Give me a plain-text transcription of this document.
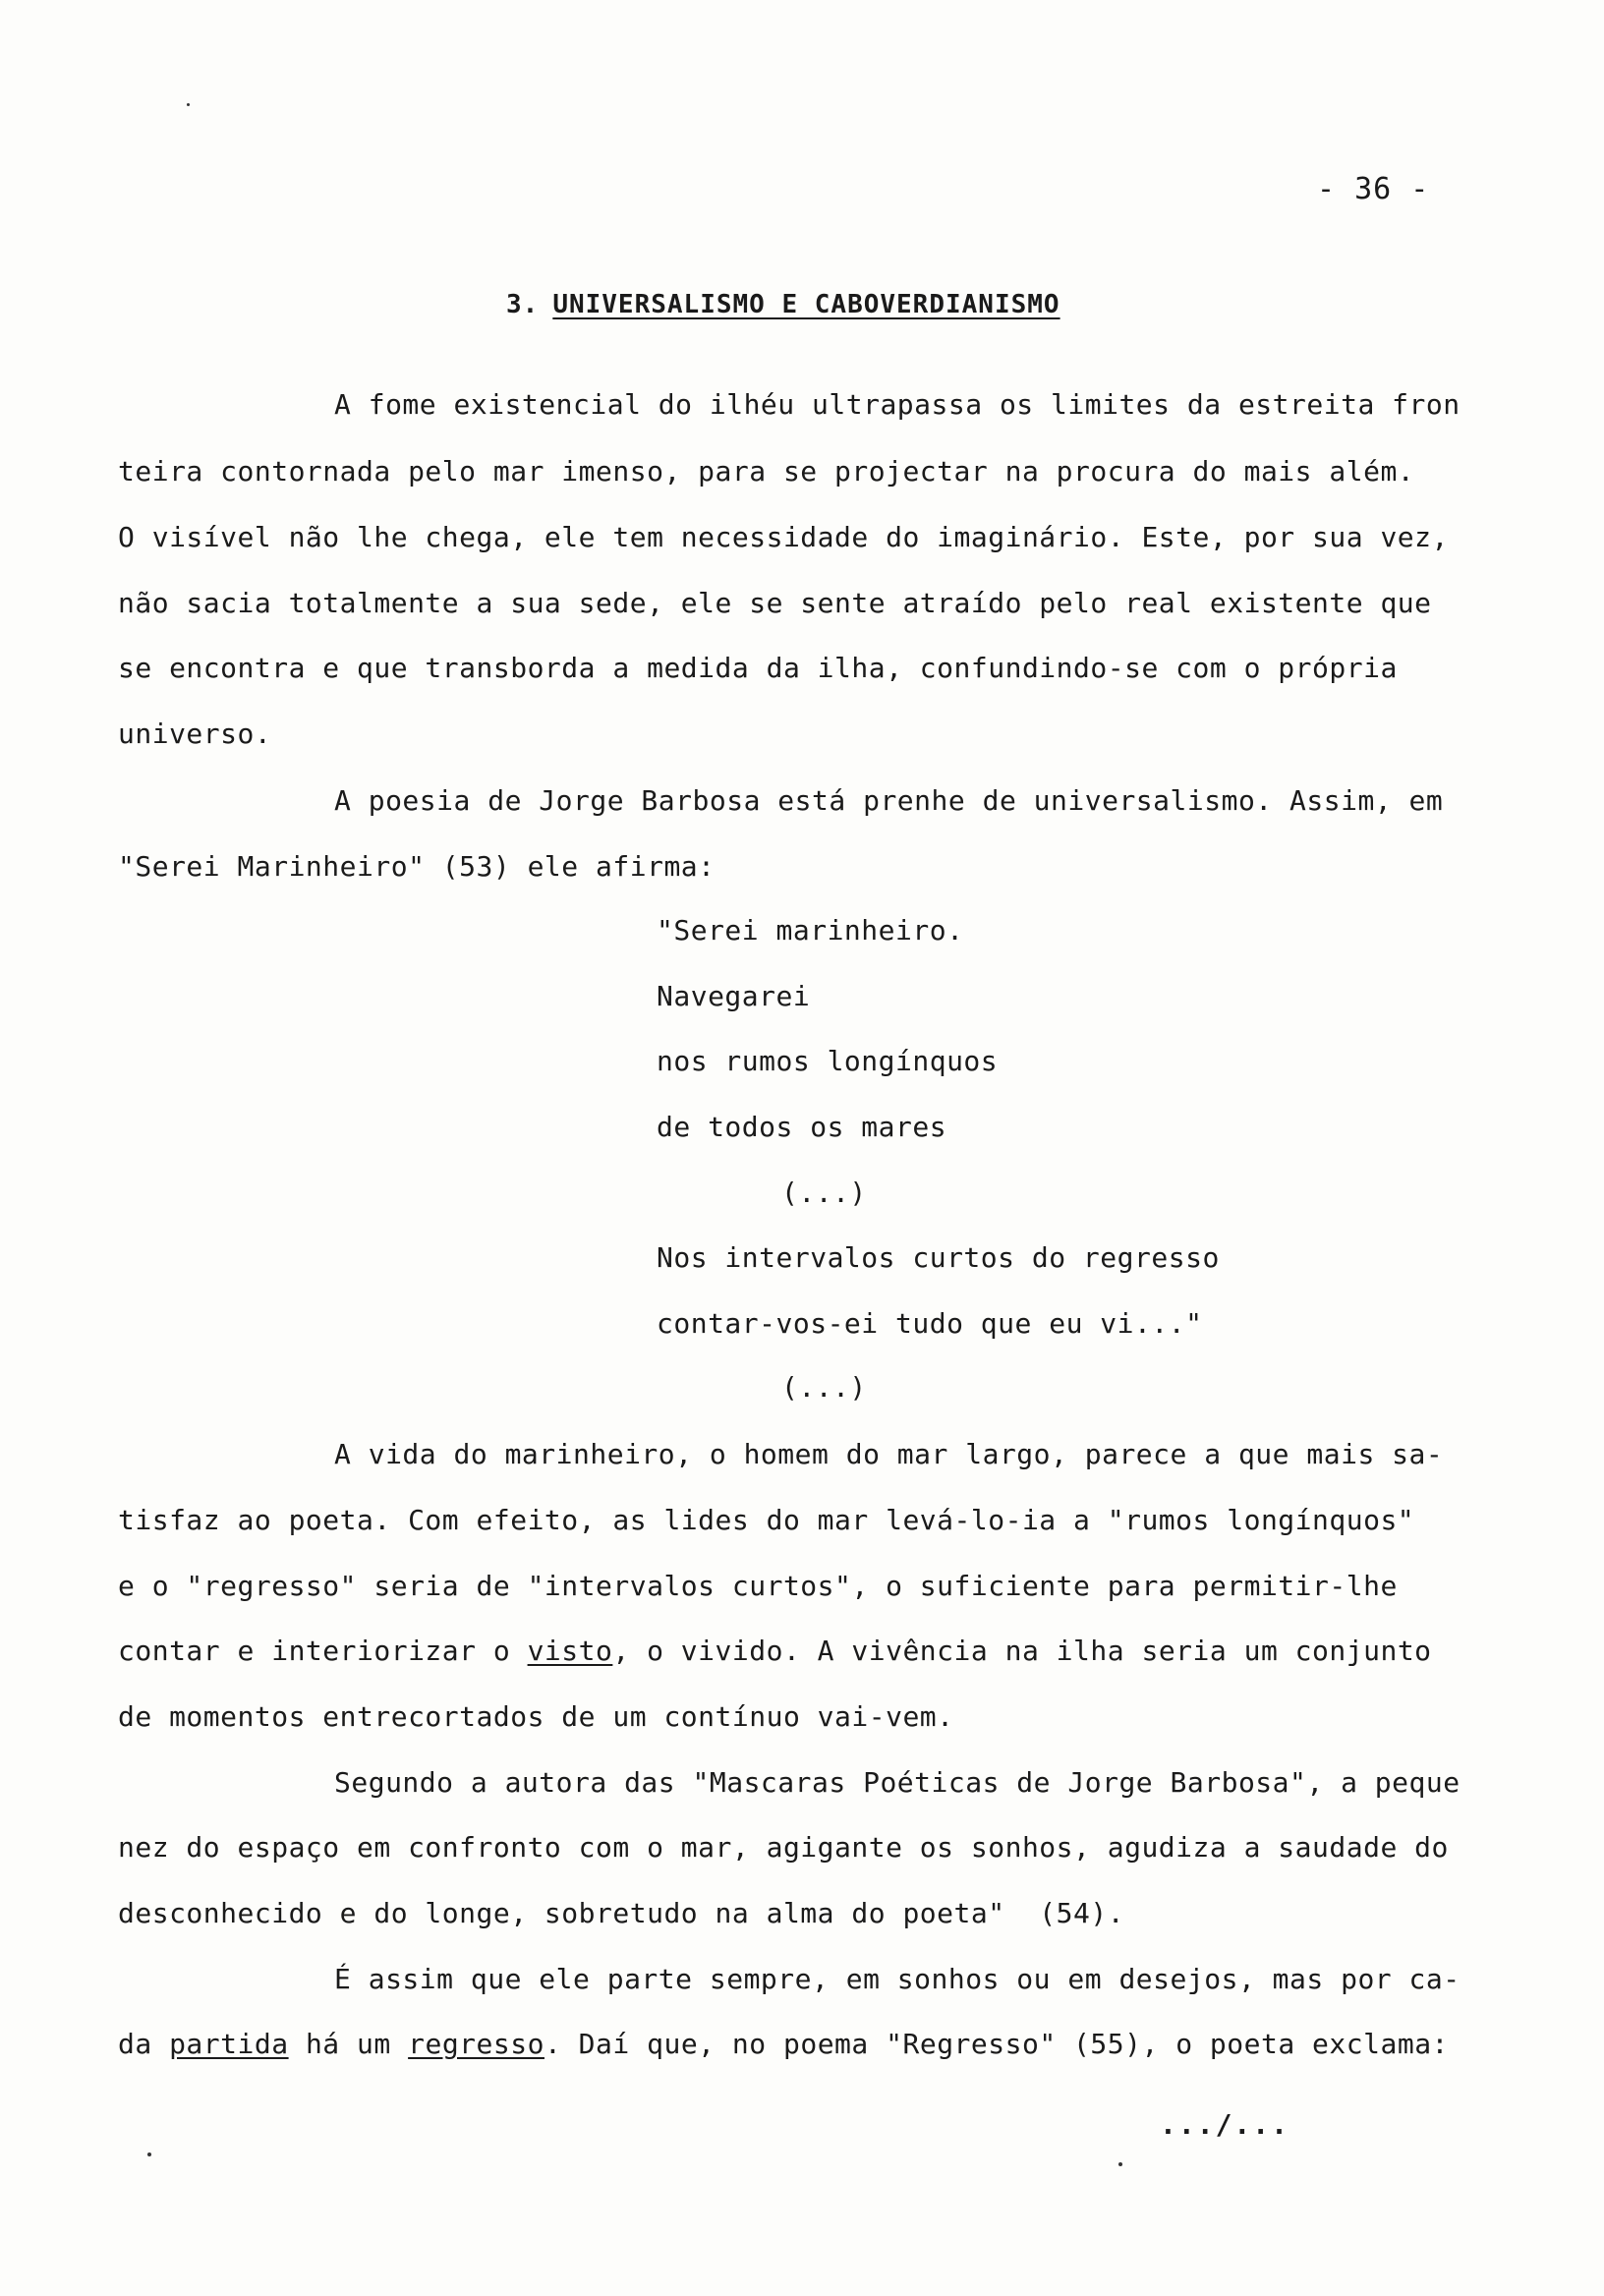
- 36 -
3. UNIVERSALISMO E CABOVERDIANISMO
A fome existencial do ilhéu ultrapassa os limites da estreita fron
teira contornada pelo mar imenso, para se projectar na procura do mais além.
O visível não lhe chega, ele tem necessidade do imaginário. Este, por sua vez,
não sacia totalmente a sua sede, ele se sente atraído pelo real existente que
se encontra e que transborda a medida da ilha, confundindo-se com o própria
universo.
A poesia de Jorge Barbosa está prenhe de universalismo. Assim, em
"Serei Marinheiro" (53) ele afirma:
"Serei marinheiro.
Navegarei
nos rumos longínquos
de todos os mares
(...)
Nos intervalos curtos do regresso
contar-vos-ei tudo que eu vi..."
(...)
A vida do marinheiro, o homem do mar largo, parece a que mais sa-
tisfaz ao poeta. Com efeito, as lides do mar levá-lo-ia a "rumos longínquos"
e o "regresso" seria de "intervalos curtos", o suficiente para permitir-lhe
contar e interiorizar o visto, o vivido. A vivência na ilha seria um conjunto
de momentos entrecortados de um contínuo vai-vem.
Segundo a autora das "Mascaras Poéticas de Jorge Barbosa", a peque
nez do espaço em confronto com o mar, agigante os sonhos, agudiza a saudade do
desconhecido e do longe, sobretudo na alma do poeta"  (54).
É assim que ele parte sempre, em sonhos ou em desejos, mas por ca-
da partida há um regresso. Daí que, no poema "Regresso" (55), o poeta exclama:
.../...
